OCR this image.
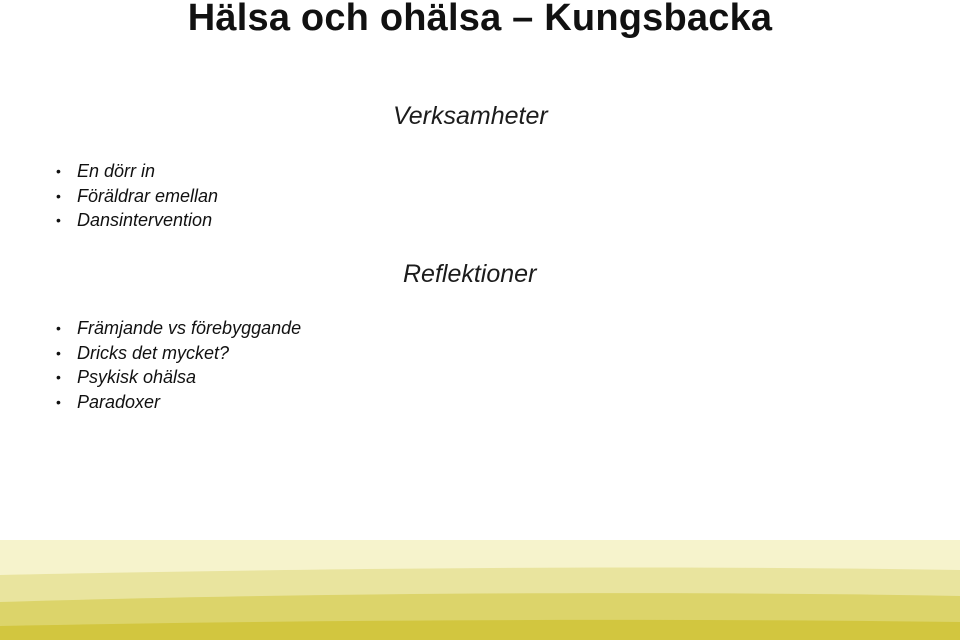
Hälsa och ohälsa – Kungsbacka
Verksamheter
• En dörr in
• Föräldrar emellan
• Dansintervention
Reflektioner
• Främjande vs förebyggande
• Dricks det mycket?
• Psykisk ohälsa
• Paradoxer
